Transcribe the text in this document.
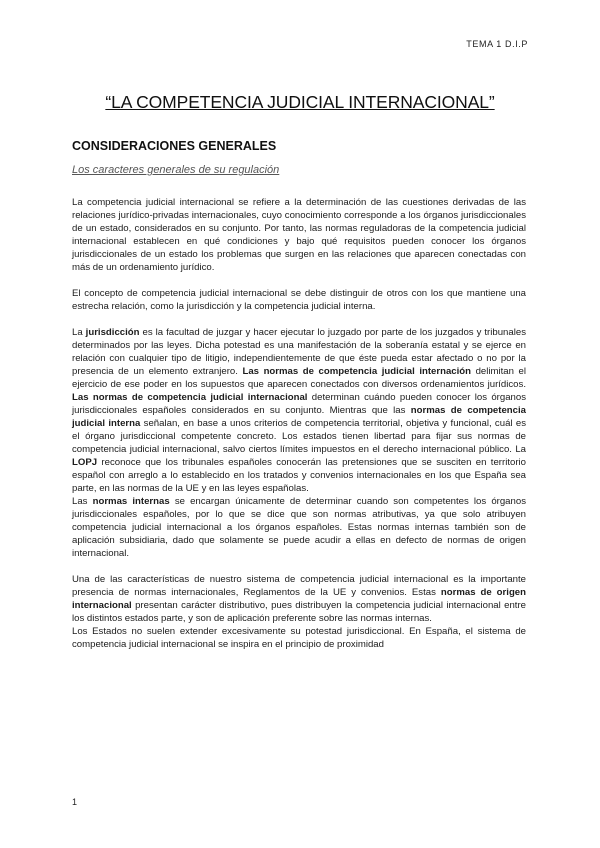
TEMA 1 D.I.P
“LA COMPETENCIA JUDICIAL INTERNACIONAL”
CONSIDERACIONES GENERALES
Los caracteres generales de su regulación

La competencia judicial internacional se refiere a la determinación de las cuestiones derivadas de las relaciones jurídico-privadas internacionales, cuyo conocimiento corresponde a los órganos jurisdiccionales de un estado, considerados en su conjunto. Por tanto, las normas reguladoras de la competencia judicial internacional establecen en qué condiciones y bajo qué requisitos pueden conocer los órganos jurisdiccionales de un estado los problemas que surgen en las relaciones que aparecen conectadas con más de un ordenamiento jurídico.

El concepto de competencia judicial internacional se debe distinguir de otros con los que mantiene una estrecha relación, como la jurisdicción y la competencia judicial interna.

La jurisdicción es la facultad de juzgar y hacer ejecutar lo juzgado por parte de los juzgados y tribunales determinados por las leyes. Dicha potestad es una manifestación de la soberanía estatal y se ejerce en relación con cualquier tipo de litigio, independientemente de que éste pueda estar afectado o no por la presencia de un elemento extranjero. Las normas de competencia judicial internación delimitan el ejercicio de ese poder en los supuestos que aparecen conectados con diversos ordenamientos jurídicos. Las normas de competencia judicial internacional determinan cuándo pueden conocer los órganos jurisdiccionales españoles considerados en su conjunto. Mientras que las normas de competencia judicial interna señalan, en base a unos criterios de competencia territorial, objetiva y funcional, cuál es el órgano jurisdiccional competente concreto. Los estados tienen libertad para fijar sus normas de competencia judicial internacional, salvo ciertos límites impuestos en el derecho internacional público. La LOPJ reconoce que los tribunales españoles conocerán las pretensiones que se susciten en territorio español con arreglo a lo establecido en los tratados y convenios internacionales en los que España sea parte, en las normas de la UE y en las leyes españolas.

Las normas internas se encargan únicamente de determinar cuando son competentes los órganos jurisdiccionales españoles, por lo que se dice que son normas atributivas, ya que solo atribuyen competencia judicial internacional a los órganos españoles. Estas normas internas también son de aplicación subsidiaria, dado que solamente se puede acudir a ellas en defecto de normas de origen internacional.

Una de las características de nuestro sistema de competencia judicial internacional es la importante presencia de normas internacionales, Reglamentos de la UE y convenios. Estas normas de origen internacional presentan carácter distributivo, pues distribuyen la competencia judicial internacional entre los distintos estados parte, y son de aplicación preferente sobre las normas internas.

Los Estados no suelen extender excesivamente su potestad jurisdiccional. En España, el sistema de competencia judicial internacional se inspira en el principio de proximidad

1
